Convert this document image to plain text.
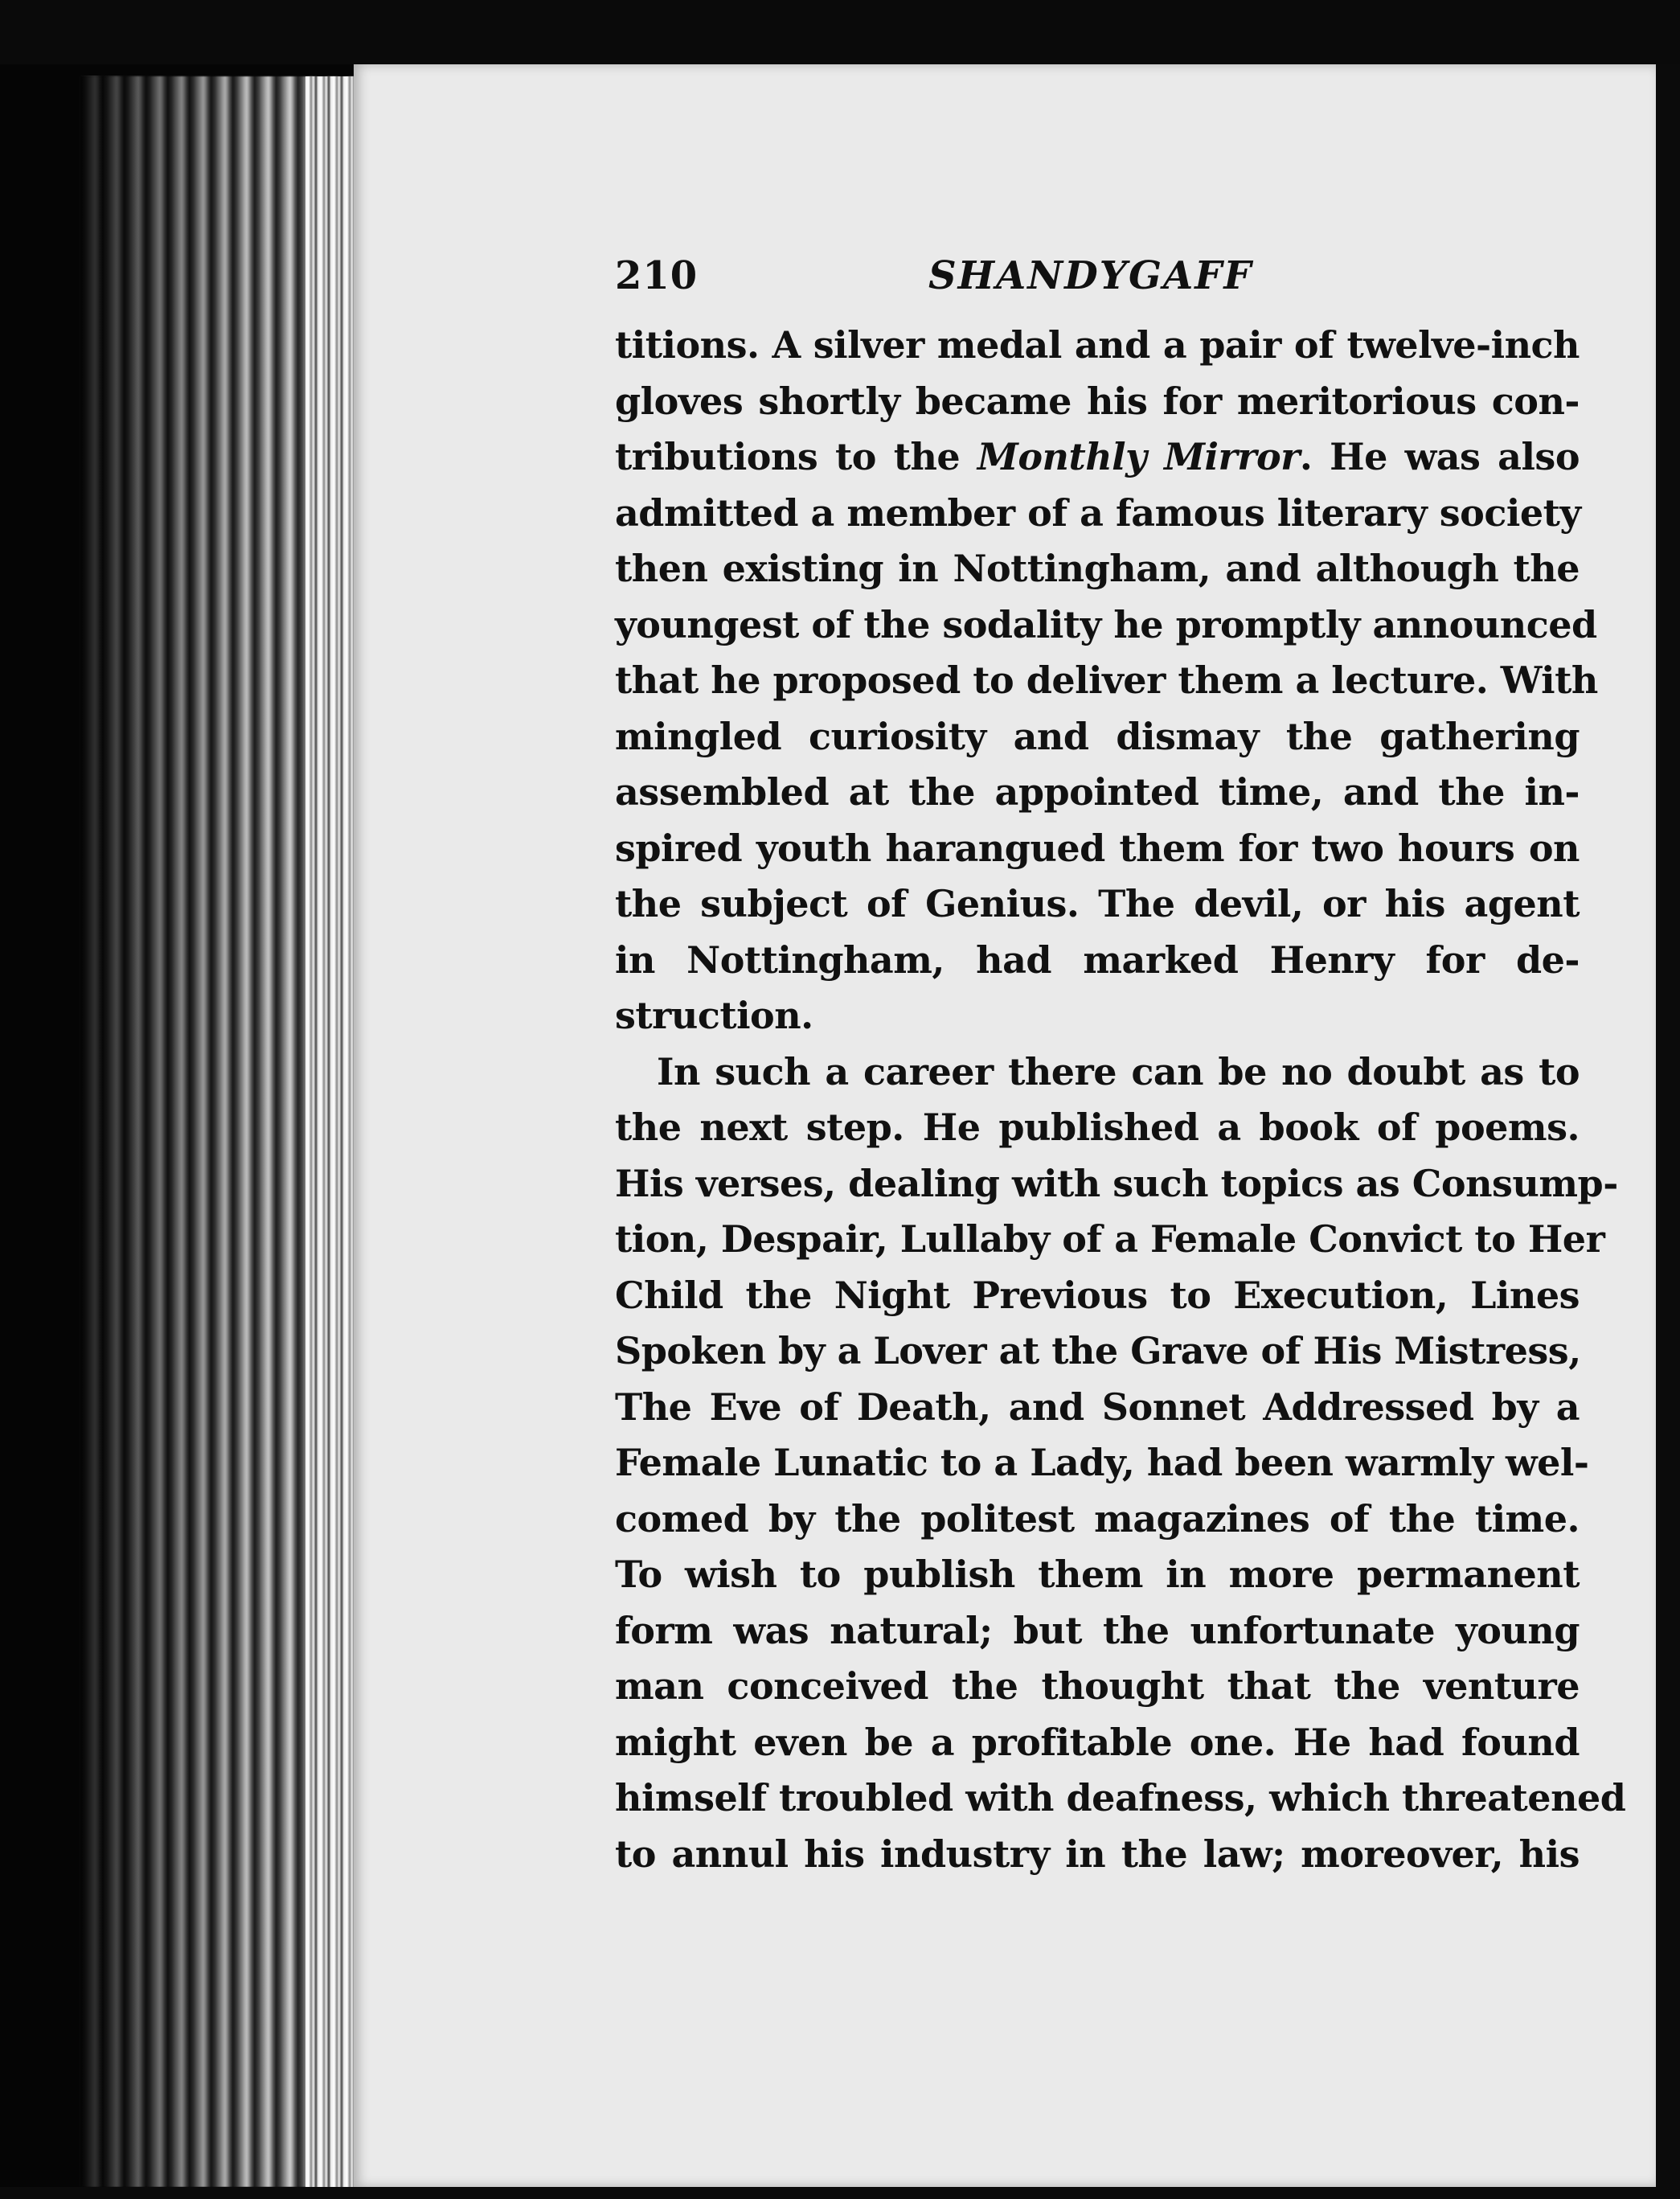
210	SHANDYGAFF
titions. A silver medal and a pair of twelve-inch
gloves shortly became his for meritorious con-
tributions to the Monthly Mirror. He was also
admitted a member of a famous literary society
then existing in Nottingham, and although the
youngest of the sodality he promptly announced
that he proposed to deliver them a lecture. With
mingled curiosity and dismay the gathering
assembled at the appointed time, and the in-
spired youth harangued them for two hours on
the subject of Genius. The devil, or his agent
in Nottingham, had marked Henry for de-
struction.
In such a career there can be no doubt as to
the next step. He published a book of poems.
His verses, dealing with such topics as Consump-
tion, Despair, Lullaby of a Female Convict to Her
Child the Night Previous to Execution, Lines
Spoken by a Lover at the Grave of His Mistress,
The Eve of Death, and Sonnet Addressed by a
Female Lunatic to a Lady, had been warmly wel-
comed by the politest magazines of the time.
To wish to publish them in more permanent
form was natural; but the unfortunate young
man conceived the thought that the venture
might even be a profitable one. He had found
himself troubled with deafness, which threatened
to annul his industry in the law; moreover, his
